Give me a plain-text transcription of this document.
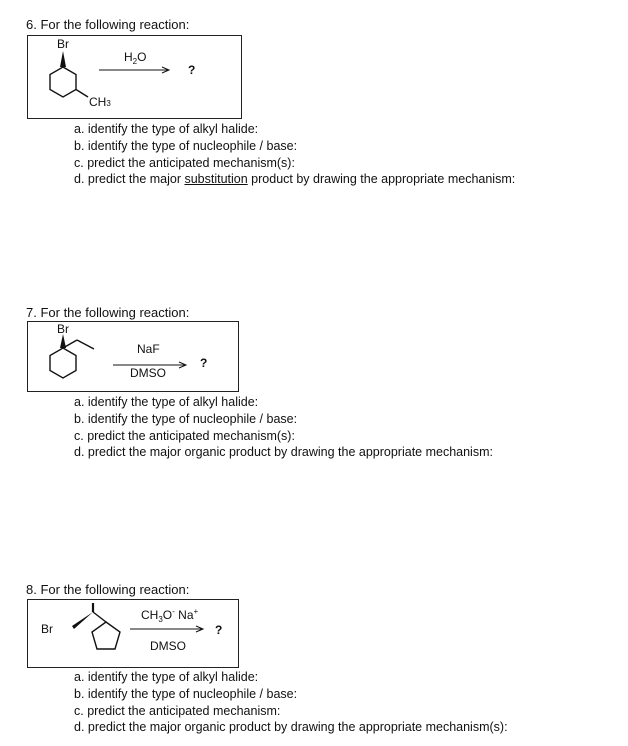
6. For the following reaction:
Br
CH3
$H_2O$
?
a. identify the type of alkyl halide:
b. identify the type of nucleophile / base:
c. predict the anticipated mechanism(s):
d. predict the major substitution product by drawing the appropriate mechanism:
7. For the following reaction:
Br
NaF
DMSO
?
a. identify the type of alkyl halide:
b. identify the type of nucleophile / base:
c. predict the anticipated mechanism(s):
d. predict the major organic product by drawing the appropriate mechanism:
8. For the following reaction:
Br
$CH_3O^-$ Na+
DMSO
?
a. identify the type of alkyl halide:
b. identify the type of nucleophile / base:
c. predict the anticipated mechanism:
d. predict the major organic product by drawing the appropriate mechanism(s):
